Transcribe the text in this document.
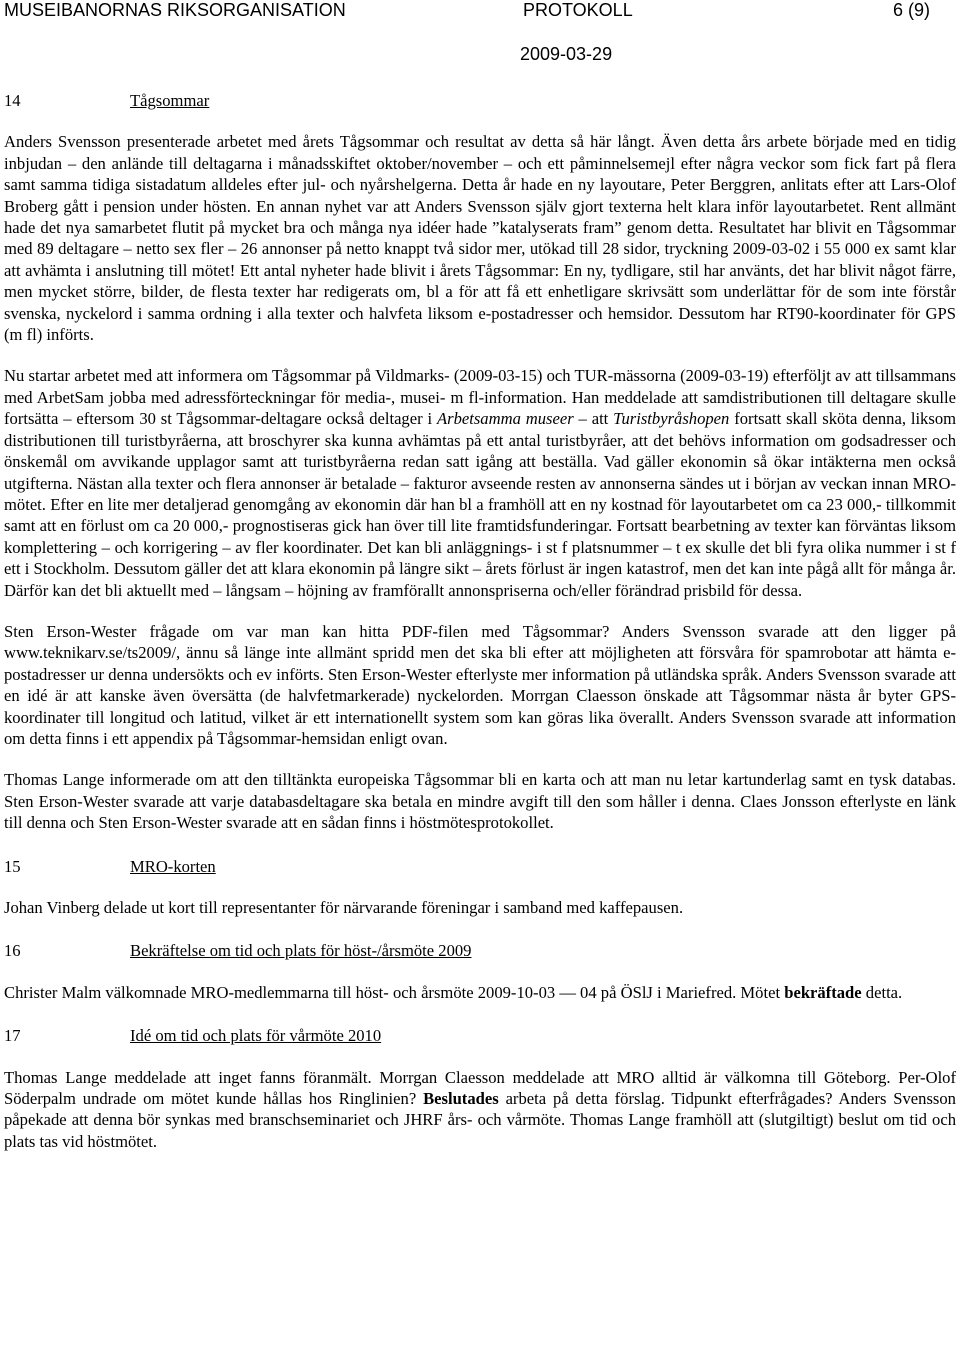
MUSEIBANORNAS RIKSORGANISATION	PROTOKOLL	6 (9)
2009-03-29
14	Tågsommar

Anders Svensson presenterade arbetet med årets Tågsommar och resultat av detta så här långt. Även detta års arbete började med en tidig inbjudan – den anlände till deltagarna i månadsskiftet oktober/november – och ett påminnelsemejl efter några veckor som fick fart på flera samt samma tidiga sistadatum alldeles efter jul- och nyårshelgerna. Detta år hade en ny layoutare, Peter Berggren, anlitats efter att Lars-Olof Broberg gått i pension under hösten. En annan nyhet var att Anders Svensson själv gjort texterna helt klara inför layoutarbetet. Rent allmänt hade det nya samarbetet flutit på mycket bra och många nya idéer hade ”katalyserats fram” genom detta. Resultatet har blivit en Tågsommar med 89 deltagare – netto sex fler – 26 annonser på netto knappt två sidor mer, utökad till 28 sidor, tryckning 2009-03-02 i 55 000 ex samt klar att avhämta i anslutning till mötet! Ett antal nyheter hade blivit i årets Tågsommar: En ny, tydligare, stil har använts, det har blivit något färre, men mycket större, bilder, de flesta texter har redigerats om, bl a för att få ett enhetligare skrivsätt som underlättar för de som inte förstår svenska, nyckelord i samma ordning i alla texter och halvfeta liksom e-postadresser och hemsidor. Dessutom har RT90-koordinater för GPS (m fl) införts.

Nu startar arbetet med att informera om Tågsommar på Vildmarks- (2009-03-15) och TUR-mässorna (2009-03-19) efterföljt av att tillsammans med ArbetSam jobba med adressförteckningar för media-, musei- m fl-information. Han meddelade att samdistributionen till deltagare skulle fortsätta – eftersom 30 st Tågsommar-deltagare också deltager i Arbetsamma museer – att Turistbyråshopen fortsatt skall sköta denna, liksom distributionen till turistbyråerna, att broschyrer ska kunna avhämtas på ett antal turistbyråer, att det behövs information om godsadresser och önskemål om avvikande upplagor samt att turistbyråerna redan satt igång att beställa. Vad gäller ekonomin så ökar intäkterna men också utgifterna. Nästan alla texter och flera annonser är betalade – fakturor avseende resten av annonserna sändes ut i början av veckan innan MRO-mötet. Efter en lite mer detaljerad genomgång av ekonomin där han bl a framhöll att en ny kostnad för layoutarbetet om ca 23 000,- tillkommit samt att en förlust om ca 20 000,- prognostiseras gick han över till lite framtidsfunderingar. Fortsatt bearbetning av texter kan förväntas liksom komplettering – och korrigering – av fler koordinater. Det kan bli anläggnings- i st f platsnummer – t ex skulle det bli fyra olika nummer i st f ett i Stockholm. Dessutom gäller det att klara ekonomin på längre sikt – årets förlust är ingen katastrof, men det kan inte pågå allt för många år. Därför kan det bli aktuellt med – långsam – höjning av framförallt annonspriserna och/eller förändrad prisbild för dessa.

Sten Erson-Wester frågade om var man kan hitta PDF-filen med Tågsommar? Anders Svensson svarade att den ligger på www.teknikarv.se/ts2009/, ännu så länge inte allmänt spridd men det ska bli efter att möjligheten att försvåra för spamrobotar att hämta e-postadresser ur denna undersökts och ev införts. Sten Erson-Wester efterlyste mer information på utländska språk. Anders Svensson svarade att en idé är att kanske även översätta (de halvfetmarkerade) nyckelorden. Morrgan Claesson önskade att Tågsommar nästa år byter GPS-koordinater till longitud och latitud, vilket är ett internationellt system som kan göras lika överallt. Anders Svensson svarade att information om detta finns i ett appendix på Tågsommar-hemsidan enligt ovan.

Thomas Lange informerade om att den tilltänkta europeiska Tågsommar bli en karta och att man nu letar kartunderlag samt en tysk databas. Sten Erson-Wester svarade att varje databasdeltagare ska betala en mindre avgift till den som håller i denna. Claes Jonsson efterlyste en länk till denna och Sten Erson-Wester svarade att en sådan finns i höstmötesprotokollet.

15	MRO-korten

Johan Vinberg delade ut kort till representanter för närvarande föreningar i samband med kaffepausen.

16	Bekräftelse om tid och plats för höst-/årsmöte 2009

Christer Malm välkomnade MRO-medlemmarna till höst- och årsmöte 2009-10-03 — 04 på ÖSlJ i Mariefred. Mötet bekräftade detta.

17	Idé om tid och plats för vårmöte 2010

Thomas Lange meddelade att inget fanns föranmält. Morrgan Claesson meddelade att MRO alltid är välkomna till Göteborg. Per-Olof Söderpalm undrade om mötet kunde hållas hos Ringlinien? Beslutades arbeta på detta förslag. Tidpunkt efterfrågades? Anders Svensson påpekade att denna bör synkas med branschseminariet och JHRF års- och vårmöte. Thomas Lange framhöll att (slutgiltigt) beslut om tid och plats tas vid höstmötet.
